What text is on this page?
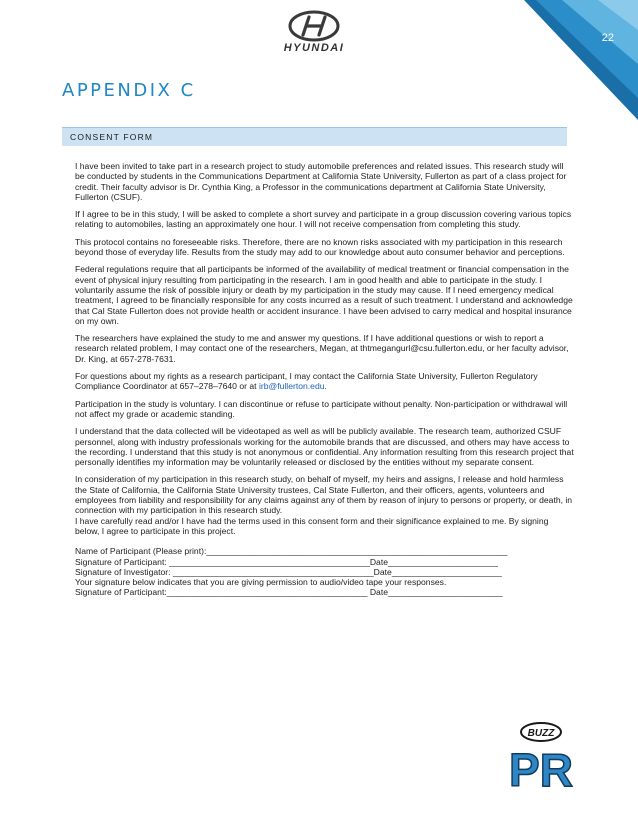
22
HYUNDAI
APPENDIX C
CONSENT FORM

I have been invited to take part in a research project to study automobile preferences and related issues. This research study will be conducted by students in the Communications Department at California State University, Fullerton as part of a class project for credit. Their faculty advisor is Dr. Cynthia King, a Professor in the communications department at California State University, Fullerton (CSUF).

If I agree to be in this study, I will be asked to complete a short survey and participate in a group discussion covering various topics relating to automobiles, lasting an approximately one hour. I will not receive compensation from completing this study.

This protocol contains no foreseeable risks. Therefore, there are no known risks associated with my participation in this research beyond those of everyday life. Results from the study may add to our knowledge about auto consumer behavior and perceptions.

Federal regulations require that all participants be informed of the availability of medical treatment or financial compensation in the event of physical injury resulting from participating in the research. I am in good health and able to participate in the study. I voluntarily assume the risk of possible injury or death by my participation in the study may cause. If I need emergency medical treatment, I agreed to be financially responsible for any costs incurred as a result of such treatment. I understand and acknowledge that Cal State Fullerton does not provide health or accident insurance. I have been advised to carry medical and hospital insurance on my own.

The researchers have explained the study to me and answer my questions. If I have additional questions or wish to report a research related problem, I may contact one of the researchers, Megan, at thtmegangurl@csu.fullerton.edu, or her faculty advisor, Dr. King, at 657-278-7631.

For questions about my rights as a research participant, I may contact the California State University, Fullerton Regulatory Compliance Coordinator at 657–278–7640 or at irb@fullerton.edu.

Participation in the study is voluntary. I can discontinue or refuse to participate without penalty. Non-participation or withdrawal will not affect my grade or academic standing.

I understand that the data collected will be videotaped as well as will be publicly available. The research team, authorized CSUF personnel, along with industry professionals working for the automobile brands that are discussed, and others may have access to the recording. I understand that this study is not anonymous or confidential. Any information resulting from this research project that personally identifies my information may be voluntarily released or disclosed by the entities without my separate consent.

In consideration of my participation in this research study, on behalf of myself, my heirs and assigns, I release and hold harmless the State of California, the California State University trustees, Cal State Fullerton, and their officers, agents, volunteers and employees from liability and responsibility for any claims against any of them by reason of injury to persons or property, or death, in connection with my participation in this research study.
I have carefully read and/or I have had the terms used in this consent form and their significance explained to me. By signing below, I agree to participate in this project.

Name of Participant (Please print):_______________________________________________________________
Signature of Participant: __________________________________________Date_______________________
Signature of Investigator: __________________________________________Date_______________________
Your signature below indicates that you are giving permission to audio/video tape your responses.
Signature of Participant:__________________________________________ Date________________________
BUZZ
PR
